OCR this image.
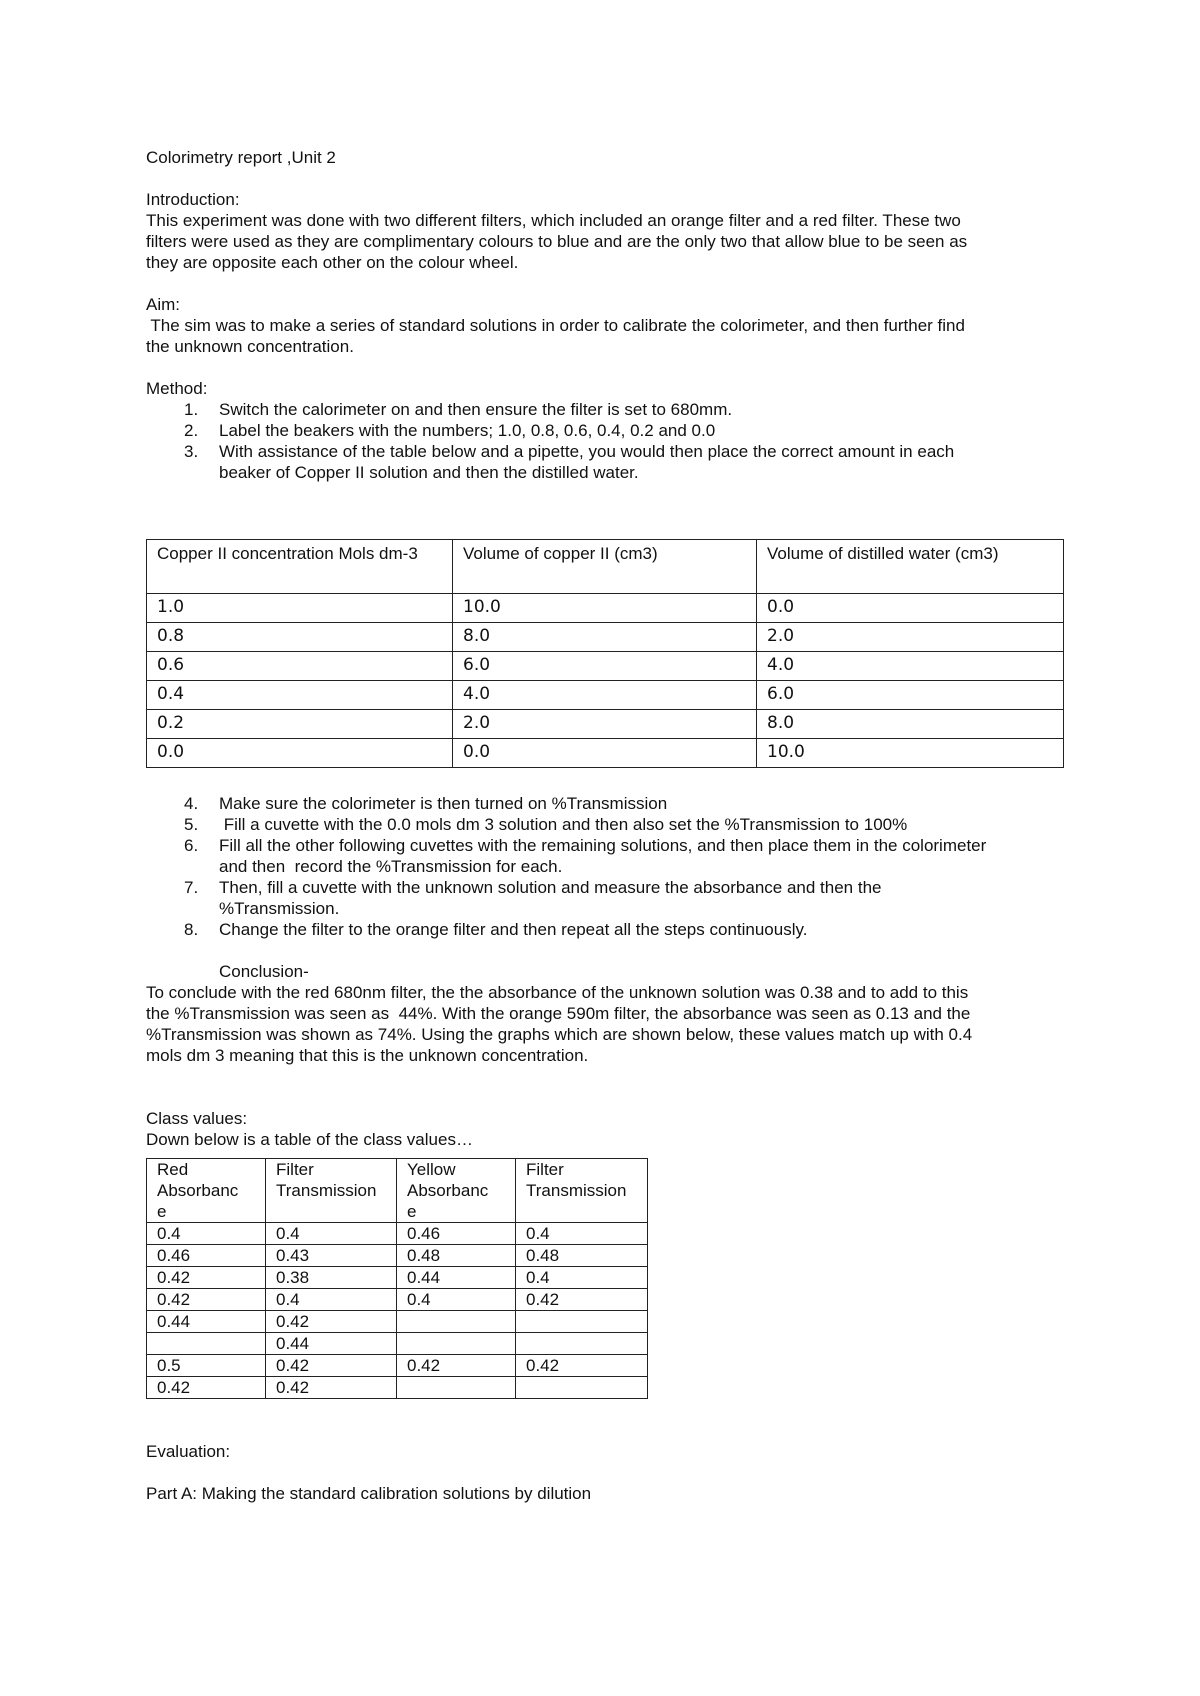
Colorimetry report ,Unit 2

Introduction:

This experiment was done with two different filters, which included an orange filter and a red filter. These two

filters were used as they are complimentary colours to blue and are the only two that allow blue to be seen as

they are opposite each other on the colour wheel.

Aim:

The sim was to make a series of standard solutions in order to calibrate the colorimeter, and then further find

the unknown concentration.

Method:

1. Switch the calorimeter on and then ensure the filter is set to 680mm.
2. Label the beakers with the numbers; 1.0, 0.8, 0.6, 0.4, 0.2 and 0.0
3. With assistance of the table below and a pipette, you would then place the correct amount in each
beaker of Copper II solution and then the distilled water.
Copper II concentration Mols dm-3	Volume of copper II (cm3)	Volume of distilled water (cm3)
1.0	10.0	0.0
0.8	8.0	2.0
0.6	6.0	4.0
0.4	4.0	6.0
0.2	2.0	8.0
0.0	0.0	10.0
4. Make sure the colorimeter is then turned on %Transmission
5. Fill a cuvette with the 0.0 mols dm 3 solution and then also set the %Transmission to 100%
6. Fill all the other following cuvettes with the remaining solutions, and then place them in the colorimeter
and then  record the %Transmission for each.
7. Then, fill a cuvette with the unknown solution and measure the absorbance and then the
%Transmission.
8. Change the filter to the orange filter and then repeat all the steps continuously.

Conclusion-

To conclude with the red 680nm filter, the the absorbance of the unknown solution was 0.38 and to add to this

the %Transmission was seen as  44%. With the orange 590m filter, the absorbance was seen as 0.13 and the

%Transmission was shown as 74%. Using the graphs which are shown below, these values match up with 0.4

mols dm 3 meaning that this is the unknown concentration.

Class values:

Down below is a table of the class values…

Red
Absorbanc
e	Filter
Transmission	Yellow
Absorbanc
e	Filter
Transmission

0.4	0.4	0.46	0.4
0.46	0.43	0.48	0.48
0.42	0.38	0.44	0.4
0.42	0.4	0.4	0.42
0.44	0.42		
	0.44		
0.5	0.42	0.42	0.42
0.42	0.42		

Evaluation:

Part A: Making the standard calibration solutions by dilution
